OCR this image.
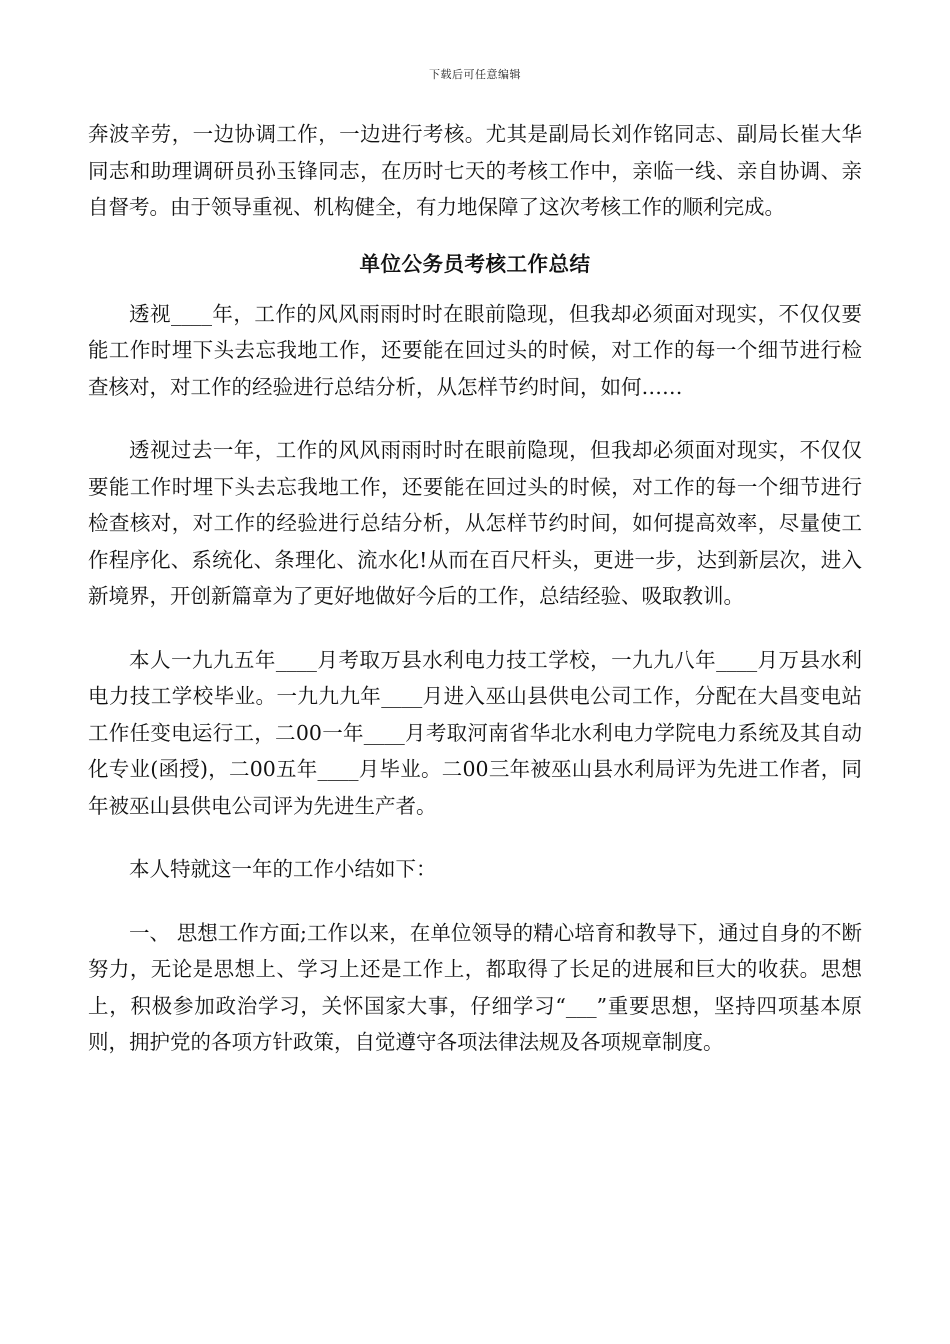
下载后可任意编辑

奔波辛劳，一边协调工作，一边进行考核。尤其是副局长刘作铭同志、副局长崔大华同志和助理调研员孙玉锋同志，在历时七天的考核工作中，亲临一线、亲自协调、亲自督考。由于领导重视、机构健全，有力地保障了这次考核工作的顺利完成。

单位公务员考核工作总结

透视____年，工作的风风雨雨时时在眼前隐现，但我却必须面对现实，不仅仅要能工作时埋下头去忘我地工作，还要能在回过头的时候，对工作的每一个细节进行检查核对，对工作的经验进行总结分析，从怎样节约时间，如何……

透视过去一年，工作的风风雨雨时时在眼前隐现，但我却必须面对现实，不仅仅要能工作时埋下头去忘我地工作，还要能在回过头的时候，对工作的每一个细节进行检查核对，对工作的经验进行总结分析，从怎样节约时间，如何提高效率，尽量使工作程序化、系统化、条理化、流水化!从而在百尺杆头，更进一步，达到新层次，进入新境界，开创新篇章为了更好地做好今后的工作，总结经验、吸取教训。

本人一九九五年____月考取万县水利电力技工学校，一九九八年____月万县水利电力技工学校毕业。一九九九年____月进入巫山县供电公司工作，分配在大昌变电站工作任变电运行工，二00一年____月考取河南省华北水利电力学院电力系统及其自动化专业(函授)，二00五年____月毕业。二00三年被巫山县水利局评为先进工作者，同年被巫山县供电公司评为先进生产者。

本人特就这一年的工作小结如下：

一、 思想工作方面;工作以来，在单位领导的精心培育和教导下，通过自身的不断努力，无论是思想上、学习上还是工作上，都取得了长足的进展和巨大的收获。思想上，积极参加政治学习，关怀国家大事，仔细学习“___”重要思想，坚持四项基本原则，拥护党的各项方针政策，自觉遵守各项法律法规及各项规章制度。
